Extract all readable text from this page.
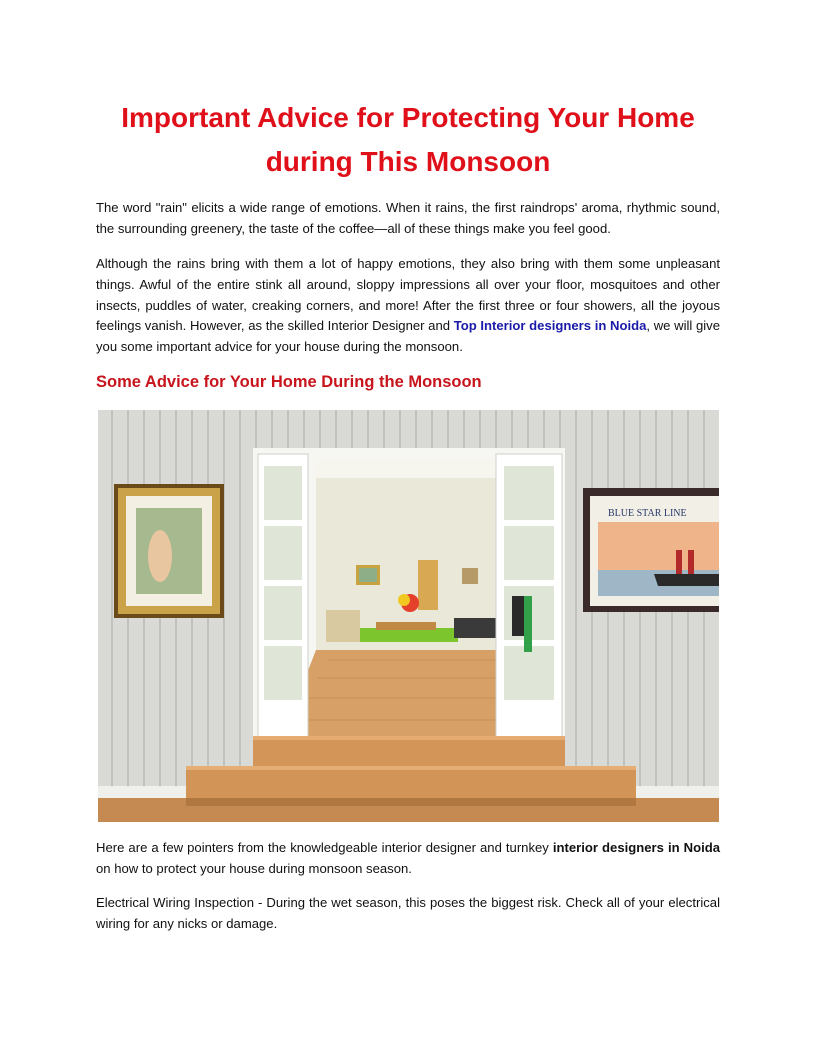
Important Advice for Protecting Your Home
during This Monsoon

The word "rain" elicits a wide range of emotions. When it rains, the first raindrops' aroma, rhythmic sound, the surrounding greenery, the taste of the coffee—all of these things make you feel good.

Although the rains bring with them a lot of happy emotions, they also bring with them some unpleasant things. Awful of the entire stink all around, sloppy impressions all over your floor, mosquitoes and other insects, puddles of water, creaking corners, and more! After the first three or four showers, all the joyous feelings vanish. However, as the skilled Interior Designer and Top Interior designers in Noida, we will give you some important advice for your house during the monsoon.

Some Advice for Your Home During the Monsoon
BLUE STAR LINE

Here are a few pointers from the knowledgeable interior designer and turnkey interior designers in Noida on how to protect your house during monsoon season.

Electrical Wiring Inspection - During the wet season, this poses the biggest risk. Check all of your electrical wiring for any nicks or damage.
